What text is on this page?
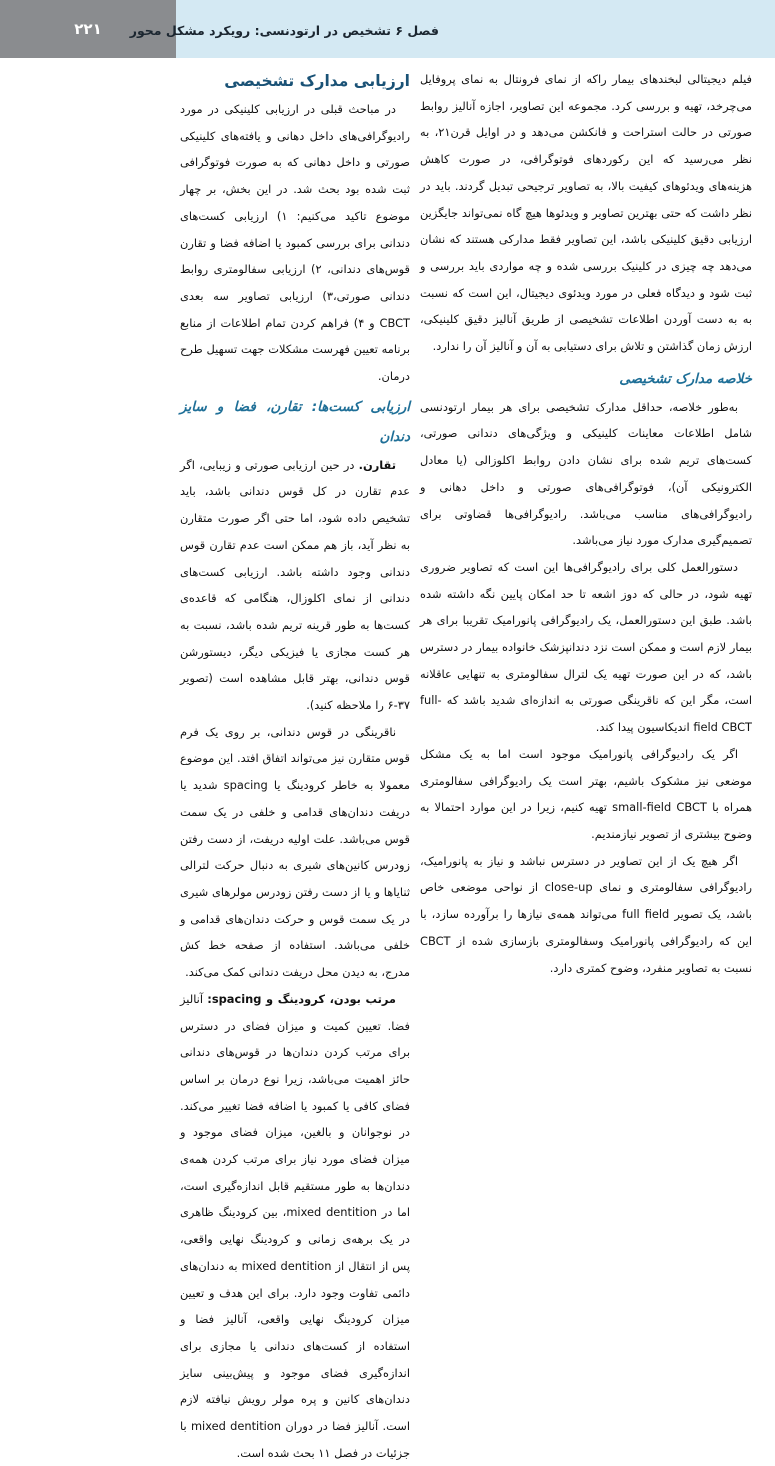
۲۲۱ فصل ۶ تشخیص در ارتودنسی: رویکرد مشکل محور

فیلم دیجیتالی لبخندهای بیمار راکه از نمای فرونتال به نمای پروفایل می‌چرخد، تهیه و بررسی کرد. مجموعه این تصاویر، اجازه آنالیز روابط صورتی در حالت استراحت و فانکشن می‌دهد و در اوایل قرن۲۱، به نظر می‌رسید که این رکوردهای فوتوگرافی، در صورت کاهش هزینه‌های ویدئوهای کیفیت بالا، به تصاویر ترجیحی تبدیل گردند. باید در نظر داشت که حتی بهترین تصاویر و ویدئوها هیچ گاه نمی‌تواند جایگزین ارزیابی دقیق کلینیکی باشد، این تصاویر فقط مدارکی هستند که نشان می‌دهد چه چیزی در کلینیک بررسی شده و چه مواردی باید بررسی و ثبت شود و دیدگاه فعلی در مورد ویدئوی دیجیتال، این است که نسبت به به دست آوردن اطلاعات تشخیصی از طریق آنالیز دقیق کلینیکی، ارزش زمان گذاشتن و تلاش برای دستیابی به آن و آنالیز آن را ندارد.

خلاصه مدارک تشخیصی

به‌طور خلاصه، حداقل مدارک تشخیصی برای هر بیمار ارتودنسی شامل اطلاعات معاینات کلینیکی و ویژگی‌های دندانی صورتی، کست‌های تریم شده برای نشان دادن روابط اکلوزالی (یا معادل الکترونیکی آن)، فوتوگرافی‌های صورتی و داخل دهانی و رادیوگرافی‌های مناسب می‌باشد. رادیوگرافی‌ها قضاوتی برای تصمیم‌گیری مدارک مورد نیاز می‌باشد.

دستورالعمل کلی برای رادیوگرافی‌ها این است که تصاویر ضروری تهیه شود، در حالی که دوز اشعه تا حد امکان پایین نگه داشته شده باشد. طبق این دستورالعمل، یک رادیوگرافی پانورامیک تقریبا برای هر بیمار لازم است و ممکن است نزد دندانپزشک خانواده بیمار در دسترس باشد، که در این صورت تهیه یک لترال سفالومتری به تنهایی عاقلانه است، مگر این که ناقرینگی صورتی به اندازه‌ای شدید باشد که full- field CBCT اندیکاسیون پیدا کند.

اگر یک رادیوگرافی پانورامیک موجود است اما به یک مشکل موضعی نیز مشکوک باشیم، بهتر است یک رادیوگرافی سفالومتری همراه با small-field CBCT تهیه کنیم، زیرا در این موارد احتمالا به وضوح بیشتری از تصویر نیازمندیم.

اگر هیچ یک از این تصاویر در دسترس نباشد و نیاز به پانورامیک، رادیوگرافی سفالومتری و نمای close-up از نواحی موضعی خاص باشد، یک تصویر full field می‌تواند همه‌ی نیازها را برآورده سازد، با این که رادیوگرافی پانورامیک وسفالومتری بازسازی شده از CBCT نسبت به تصاویر منفرد، وضوح کمتری دارد.

ارزیابی مدارک تشخیصی

در مباحث قبلی در ارزیابی کلینیکی در مورد رادیوگرافی‌های داخل دهانی و یافته‌های کلینیکی صورتی و داخل دهانی که به صورت فوتوگرافی ثبت شده بود بحث شد. در این بخش، بر چهار موضوع تاکید می‌کنیم: ۱) ارزیابی کست‌های دندانی برای بررسی کمبود یا اضافه فضا و تقارن قوس‌های دندانی، ۲) ارزیابی سفالومتری روابط دندانی صورتی،۳) ارزیابی تصاویر سه بعدی CBCT و ۴) فراهم کردن تمام اطلاعات از منابع برنامه تعیین فهرست مشکلات جهت تسهیل طرح درمان.

ارزیابی کست‌ها: تقارن، فضا و سایز دندان

تقارن. در حین ارزیابی صورتی و زیبایی، اگر عدم تقارن در کل قوس دندانی باشد، باید تشخیص داده شود، اما حتی اگر صورت متقارن به نظر آید، باز هم ممکن است عدم تقارن قوس دندانی وجود داشته باشد. ارزیابی کست‌های دندانی از نمای اکلوزال، هنگامی که قاعده‌ی کست‌ها به طور قرینه تریم شده باشد، نسبت به هر کست مجازی یا فیزیکی دیگر، دیستورشن قوس دندانی، بهتر قابل مشاهده است (تصویر ۳۷-۶ را ملاحظه کنید).

ناقرینگی در قوس دندانی، بر روی یک فرم قوس متقارن نیز می‌تواند اتفاق افتد. این موضوع معمولا به خاطر کرودینگ یا spacing شدید یا دریفت دندان‌های قدامی و خلفی در یک سمت قوس می‌باشد. علت اولیه دریفت، از دست رفتن زودرس کانین‌های شیری به دنبال حرکت لترالی ثنایاها و یا از دست رفتن زودرس مولرهای شیری در یک سمت قوس و حرکت دندان‌های قدامی و خلفی می‌باشد. استفاده از صفحه خط کش مدرج، به دیدن محل دریفت دندانی کمک می‌کند.

مرتب بودن، کرودینگ و spacing: آنالیز فضا. تعیین کمیت و میزان فضای در دسترس برای مرتب کردن دندان‌ها در قوس‌های دندانی حائز اهمیت می‌باشد، زیرا نوع درمان بر اساس فضای کافی یا کمبود یا اضافه فضا تغییر می‌کند. در نوجوانان و بالغین، میزان فضای موجود و میزان فضای مورد نیاز برای مرتب کردن همه‌ی دندان‌ها به طور مستقیم قابل اندازه‌گیری است، اما در mixed dentition، بین کرودینگ ظاهری در یک برهه‌ی زمانی و کرودینگ نهایی واقعی، پس از انتقال از mixed dentition به دندان‌های دائمی تفاوت وجود دارد. برای این هدف و تعیین میزان کرودینگ نهایی واقعی، آنالیز فضا و استفاده از کست‌های دندانی یا مجازی برای اندازه‌گیری فضای موجود و پیش‌بینی سایز دندان‌های کانین و پره مولر رویش نیافته لازم است. آنالیز فضا در دوران mixed dentition با جزئیات در فصل ۱۱ بحث شده است.
